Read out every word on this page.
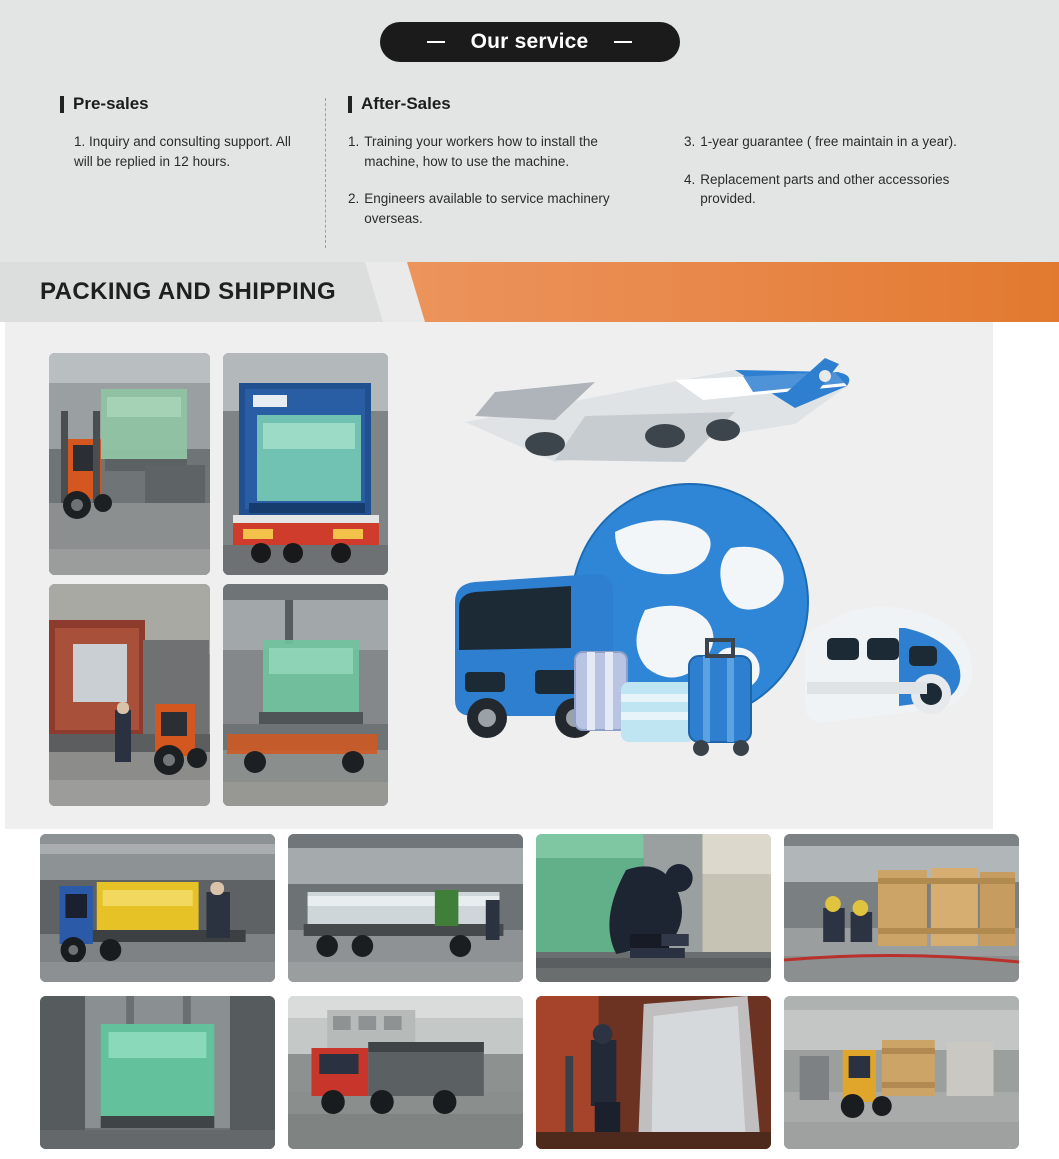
Our service
Pre-sales
1. Inquiry and consulting support. All will be replied in 12 hours.
After-Sales
1. Training your workers how to install the machine, how to use the machine.
2. Engineers available to service machinery overseas.
3. 1-year guarantee ( free maintain in a year).
4. Replacement parts and other accessories provided.
PACKING AND SHIPPING
